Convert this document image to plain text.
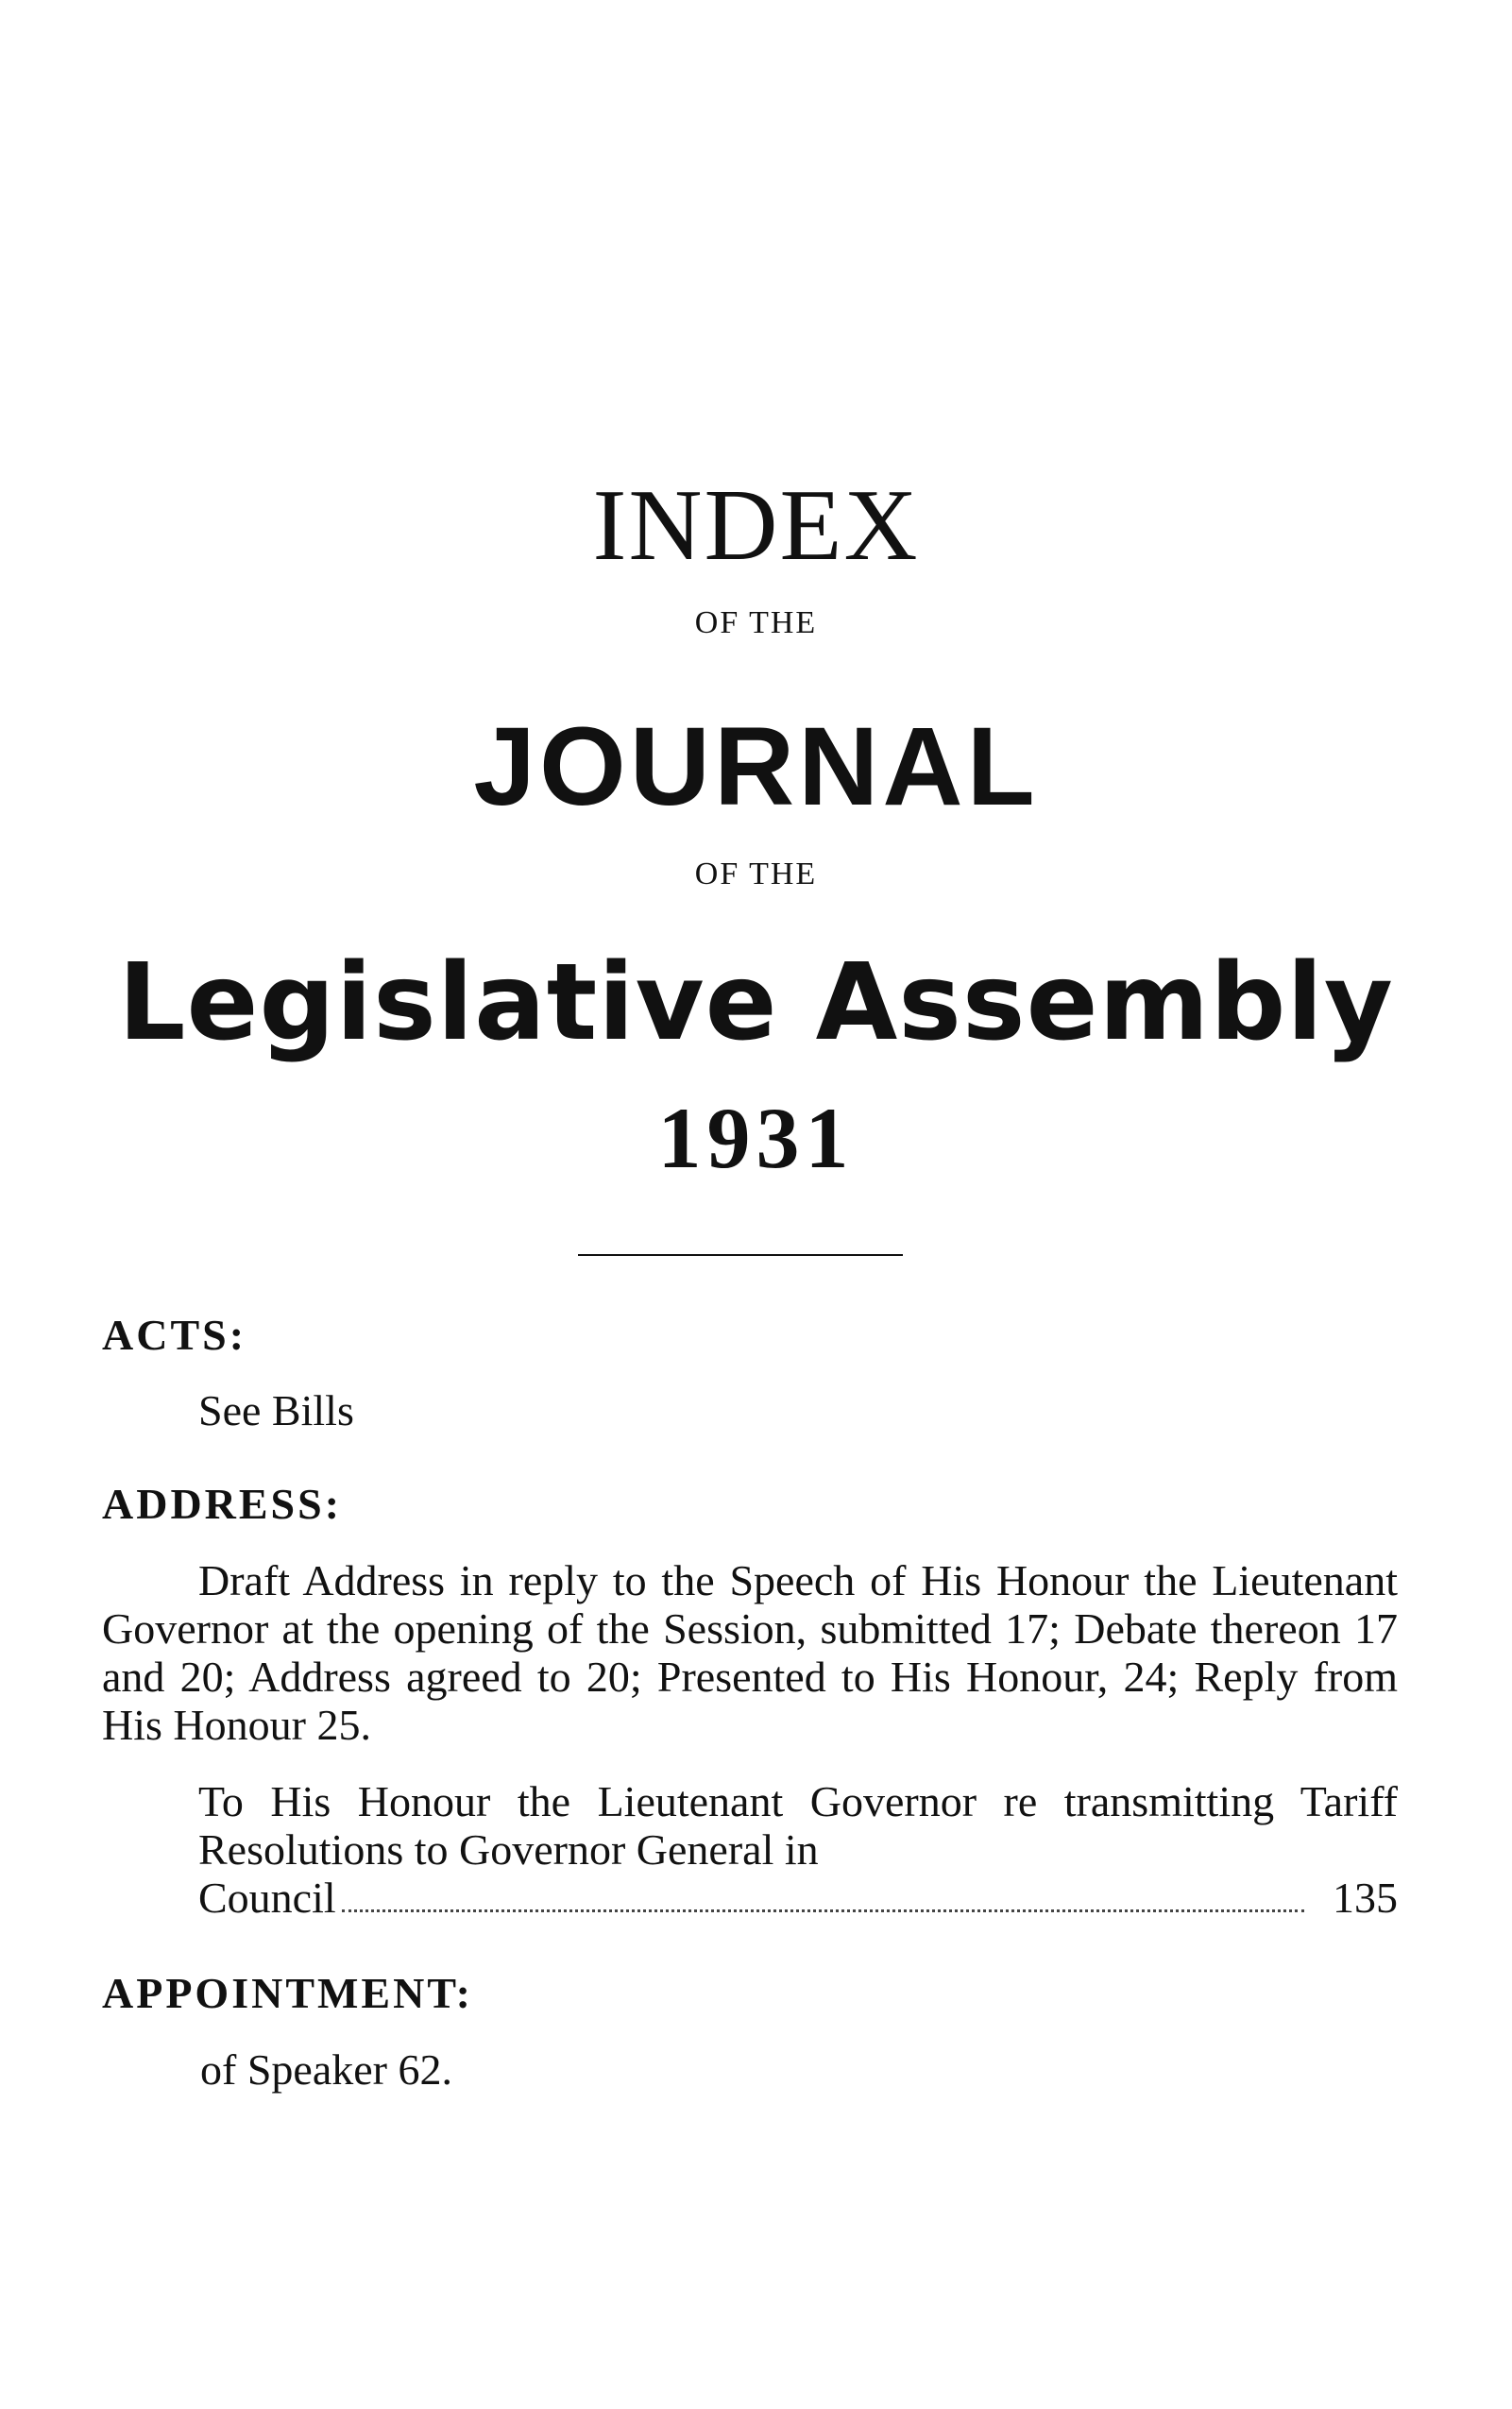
INDEX
OF THE
JOURNAL
OF THE
Legislative Assembly
1931
ACTS:

See Bills

ADDRESS:

Draft Address in reply to the Speech of His Honour the Lieutenant Governor at the opening of the Session, submitted 17; Debate thereon 17 and 20; Address agreed to 20; Presented to His Honour, 24; Reply from His Honour 25.

To His Honour the Lieutenant Governor re transmitting Tariff Resolutions to Governor General in

Council	135
APPOINTMENT:

of Speaker 62.
